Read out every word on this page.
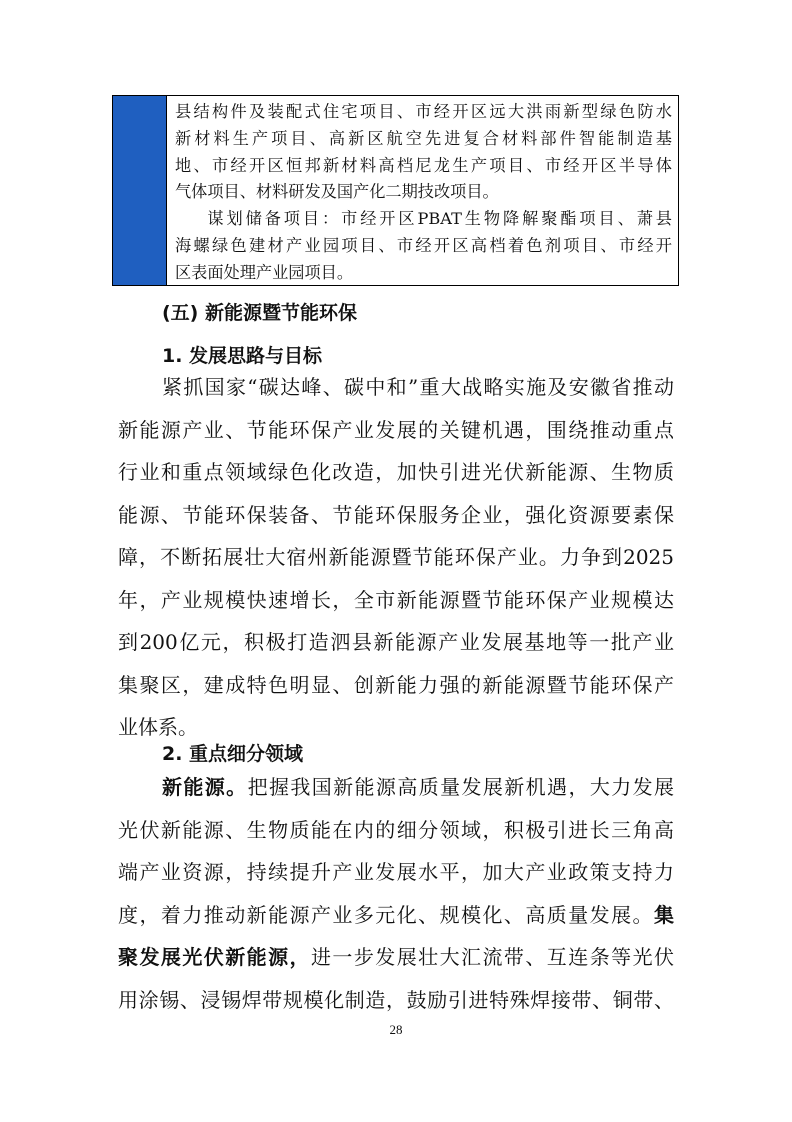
县结构件及装配式住宅项目、市经开区远大洪雨新型绿色防水

新材料生产项目、高新区航空先进复合材料部件智能制造基

地、市经开区恒邦新材料高档尼龙生产项目、市经开区半导体

气体项目、材料研发及国产化二期技改项目。

谋划储备项目：市经开区PBAT生物降解聚酯项目、萧县

海螺绿色建材产业园项目、市经开区高档着色剂项目、市经开

区表面处理产业园项目。

(五) 新能源暨节能环保
1. 发展思路与目标
紧抓国家“碳达峰、碳中和”重大战略实施及安徽省推动
新能源产业、节能环保产业发展的关键机遇，围绕推动重点
行业和重点领域绿色化改造，加快引进光伏新能源、生物质
能源、节能环保装备、节能环保服务企业，强化资源要素保
障，不断拓展壮大宿州新能源暨节能环保产业。力争到2025
年，产业规模快速增长，全市新能源暨节能环保产业规模达
到200亿元，积极打造泗县新能源产业发展基地等一批产业
集聚区，建成特色明显、创新能力强的新能源暨节能环保产
业体系。
2. 重点细分领域
新能源。把握我国新能源高质量发展新机遇，大力发展
光伏新能源、生物质能在内的细分领域，积极引进长三角高
端产业资源，持续提升产业发展水平，加大产业政策支持力
度，着力推动新能源产业多元化、规模化、高质量发展。集
聚发展光伏新能源，进一步发展壮大汇流带、互连条等光伏
用涂锡、浸锡焊带规模化制造，鼓励引进特殊焊接带、铜带、
28
